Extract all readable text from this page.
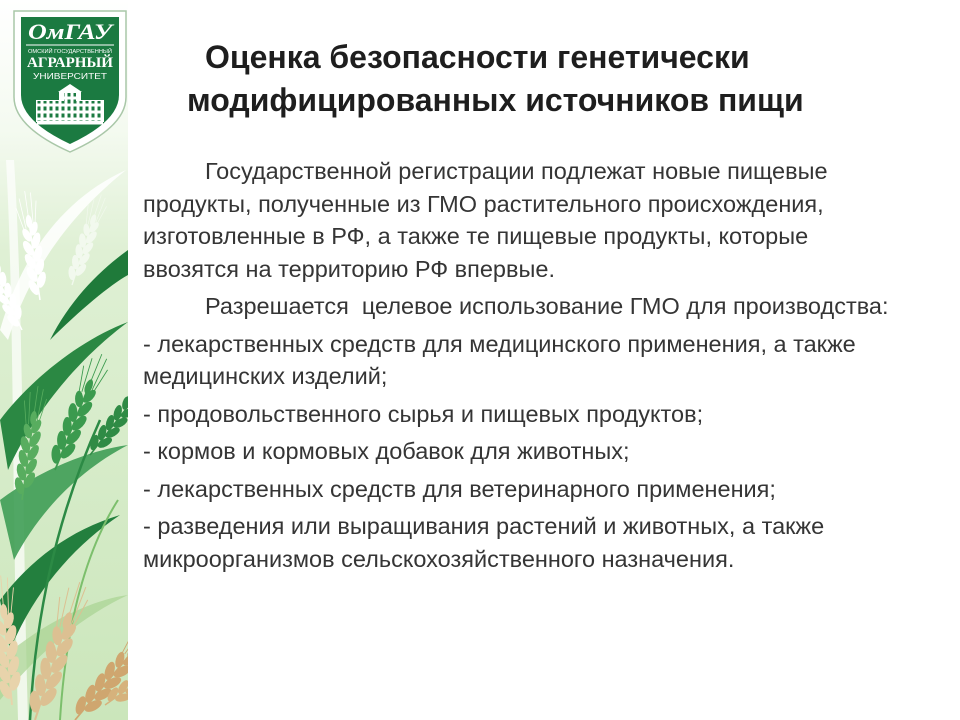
ОмГАУ
ОМСКИЙ ГОСУДАРСТВЕННЫЙ
АГРАРНЫЙ
УНИВЕРСИТЕТ
Оценка безопасности генетически
модифицированных источников пищи
Государственной регистрации подлежат новые пищевые
продукты, полученные из ГМО растительного происхождения,
изготовленные в РФ, а также те пищевые продукты, которые
ввозятся на территорию РФ впервые.
Разрешается  целевое использование ГМО для производства:
- лекарственных средств для медицинского применения, а также
медицинских изделий;
- продовольственного сырья и пищевых продуктов;
- кормов и кормовых добавок для животных;
- лекарственных средств для ветеринарного применения;
- разведения или выращивания растений и животных, а также
микроорганизмов сельскохозяйственного назначения.
